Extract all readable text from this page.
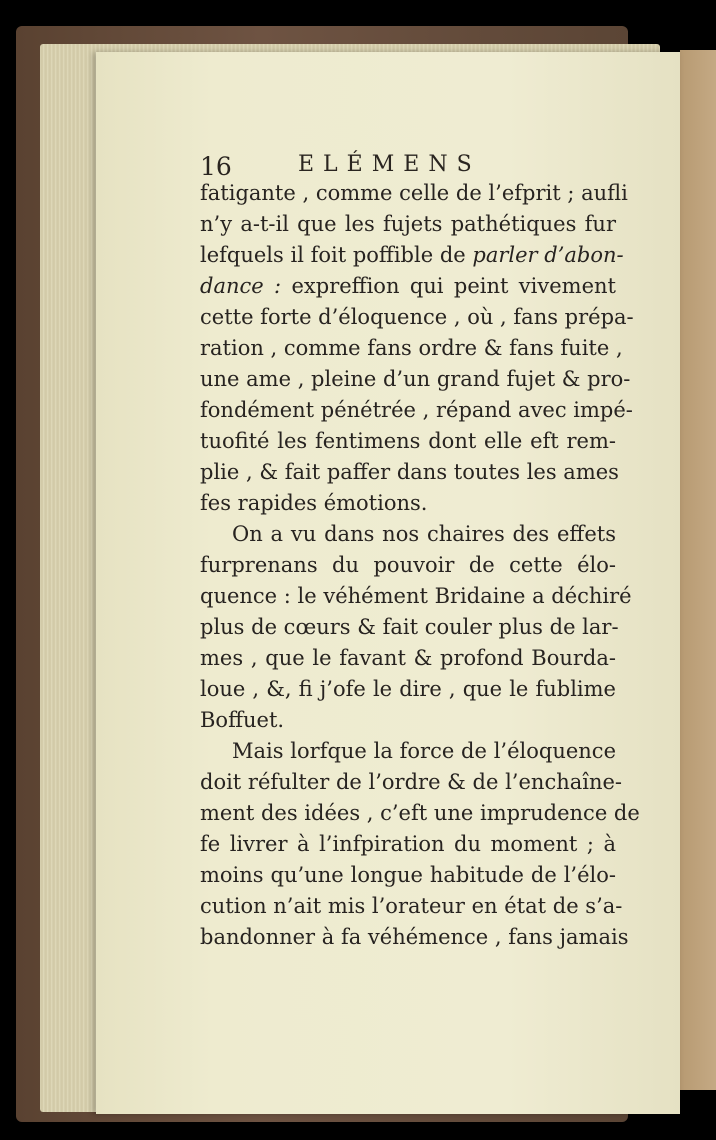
16	ELÉMENS
fatigante , comme celle de l’efprit ; aufli
n’y a-t-il que les fujets pathétiques fur
lefquels il foit poffible de parler d’abon-
dance : expreffion qui peint vivement
cette forte d’éloquence , où , fans prépa-
ration , comme fans ordre & fans fuite ,
une ame , pleine d’un grand fujet & pro-
fondément pénétrée , répand avec impé-
tuofité les fentimens dont elle eft rem-
plie , & fait paffer dans toutes les ames
fes rapides émotions.
On a vu dans nos chaires des effets
furprenans du pouvoir de cette élo-
quence : le véhément Bridaine a déchiré
plus de cœurs & fait couler plus de lar-
mes , que le favant & profond Bourda-
loue , &, fi j’ofe le dire , que le fublime
Boffuet.
Mais lorfque la force de l’éloquence
doit réfulter de l’ordre & de l’enchaîne-
ment des idées , c’eft une imprudence de
fe livrer à l’infpiration du moment ; à
moins qu’une longue habitude de l’élo-
cution n’ait mis l’orateur en état de s’a-
bandonner à fa véhémence , fans jamais
